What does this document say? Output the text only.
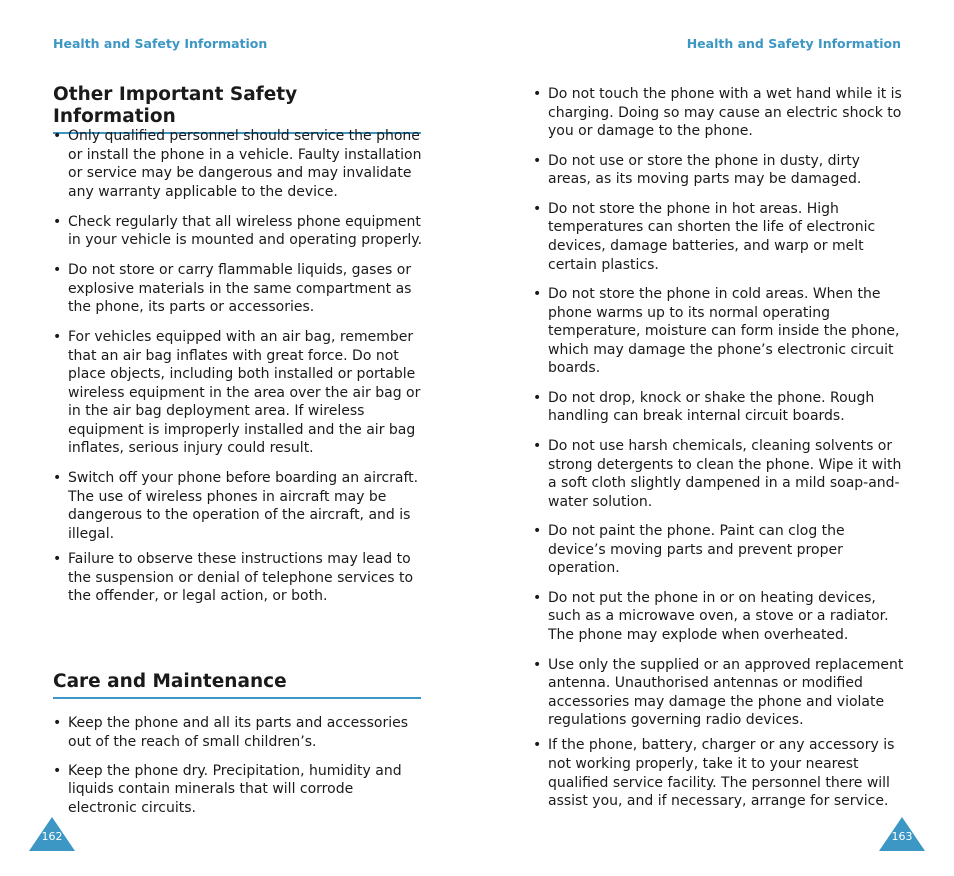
Health and Safety Information
Other Important Safety Information
• Only qualified personnel should service the phone or install the phone in a vehicle. Faulty installation or service may be dangerous and may invalidate any warranty applicable to the device.
• Check regularly that all wireless phone equipment in your vehicle is mounted and operating properly.
• Do not store or carry flammable liquids, gases or explosive materials in the same compartment as the phone, its parts or accessories.
• For vehicles equipped with an air bag, remember that an air bag inflates with great force. Do not place objects, including both installed or portable wireless equipment in the area over the air bag or in the air bag deployment area. If wireless equipment is improperly installed and the air bag inflates, serious injury could result.
• Switch off your phone before boarding an aircraft. The use of wireless phones in aircraft may be dangerous to the operation of the aircraft, and is illegal.
• Failure to observe these instructions may lead to the suspension or denial of telephone services to the offender, or legal action, or both.
Care and Maintenance
• Keep the phone and all its parts and accessories out of the reach of small children’s.
• Keep the phone dry. Precipitation, humidity and liquids contain minerals that will corrode electronic circuits.
162
Health and Safety Information
• Do not touch the phone with a wet hand while it is charging. Doing so may cause an electric shock to you or damage to the phone.
• Do not use or store the phone in dusty, dirty areas, as its moving parts may be damaged.
• Do not store the phone in hot areas. High temperatures can shorten the life of electronic devices, damage batteries, and warp or melt certain plastics.
• Do not store the phone in cold areas. When the phone warms up to its normal operating temperature, moisture can form inside the phone, which may damage the phone’s electronic circuit boards.
• Do not drop, knock or shake the phone. Rough handling can break internal circuit boards.
• Do not use harsh chemicals, cleaning solvents or strong detergents to clean the phone. Wipe it with a soft cloth slightly dampened in a mild soap-and-water solution.
• Do not paint the phone. Paint can clog the device’s moving parts and prevent proper operation.
• Do not put the phone in or on heating devices, such as a microwave oven, a stove or a radiator. The phone may explode when overheated.
• Use only the supplied or an approved replacement antenna. Unauthorised antennas or modified accessories may damage the phone and violate regulations governing radio devices.
• If the phone, battery, charger or any accessory is not working properly, take it to your nearest qualified service facility. The personnel there will assist you, and if necessary, arrange for service.
163
